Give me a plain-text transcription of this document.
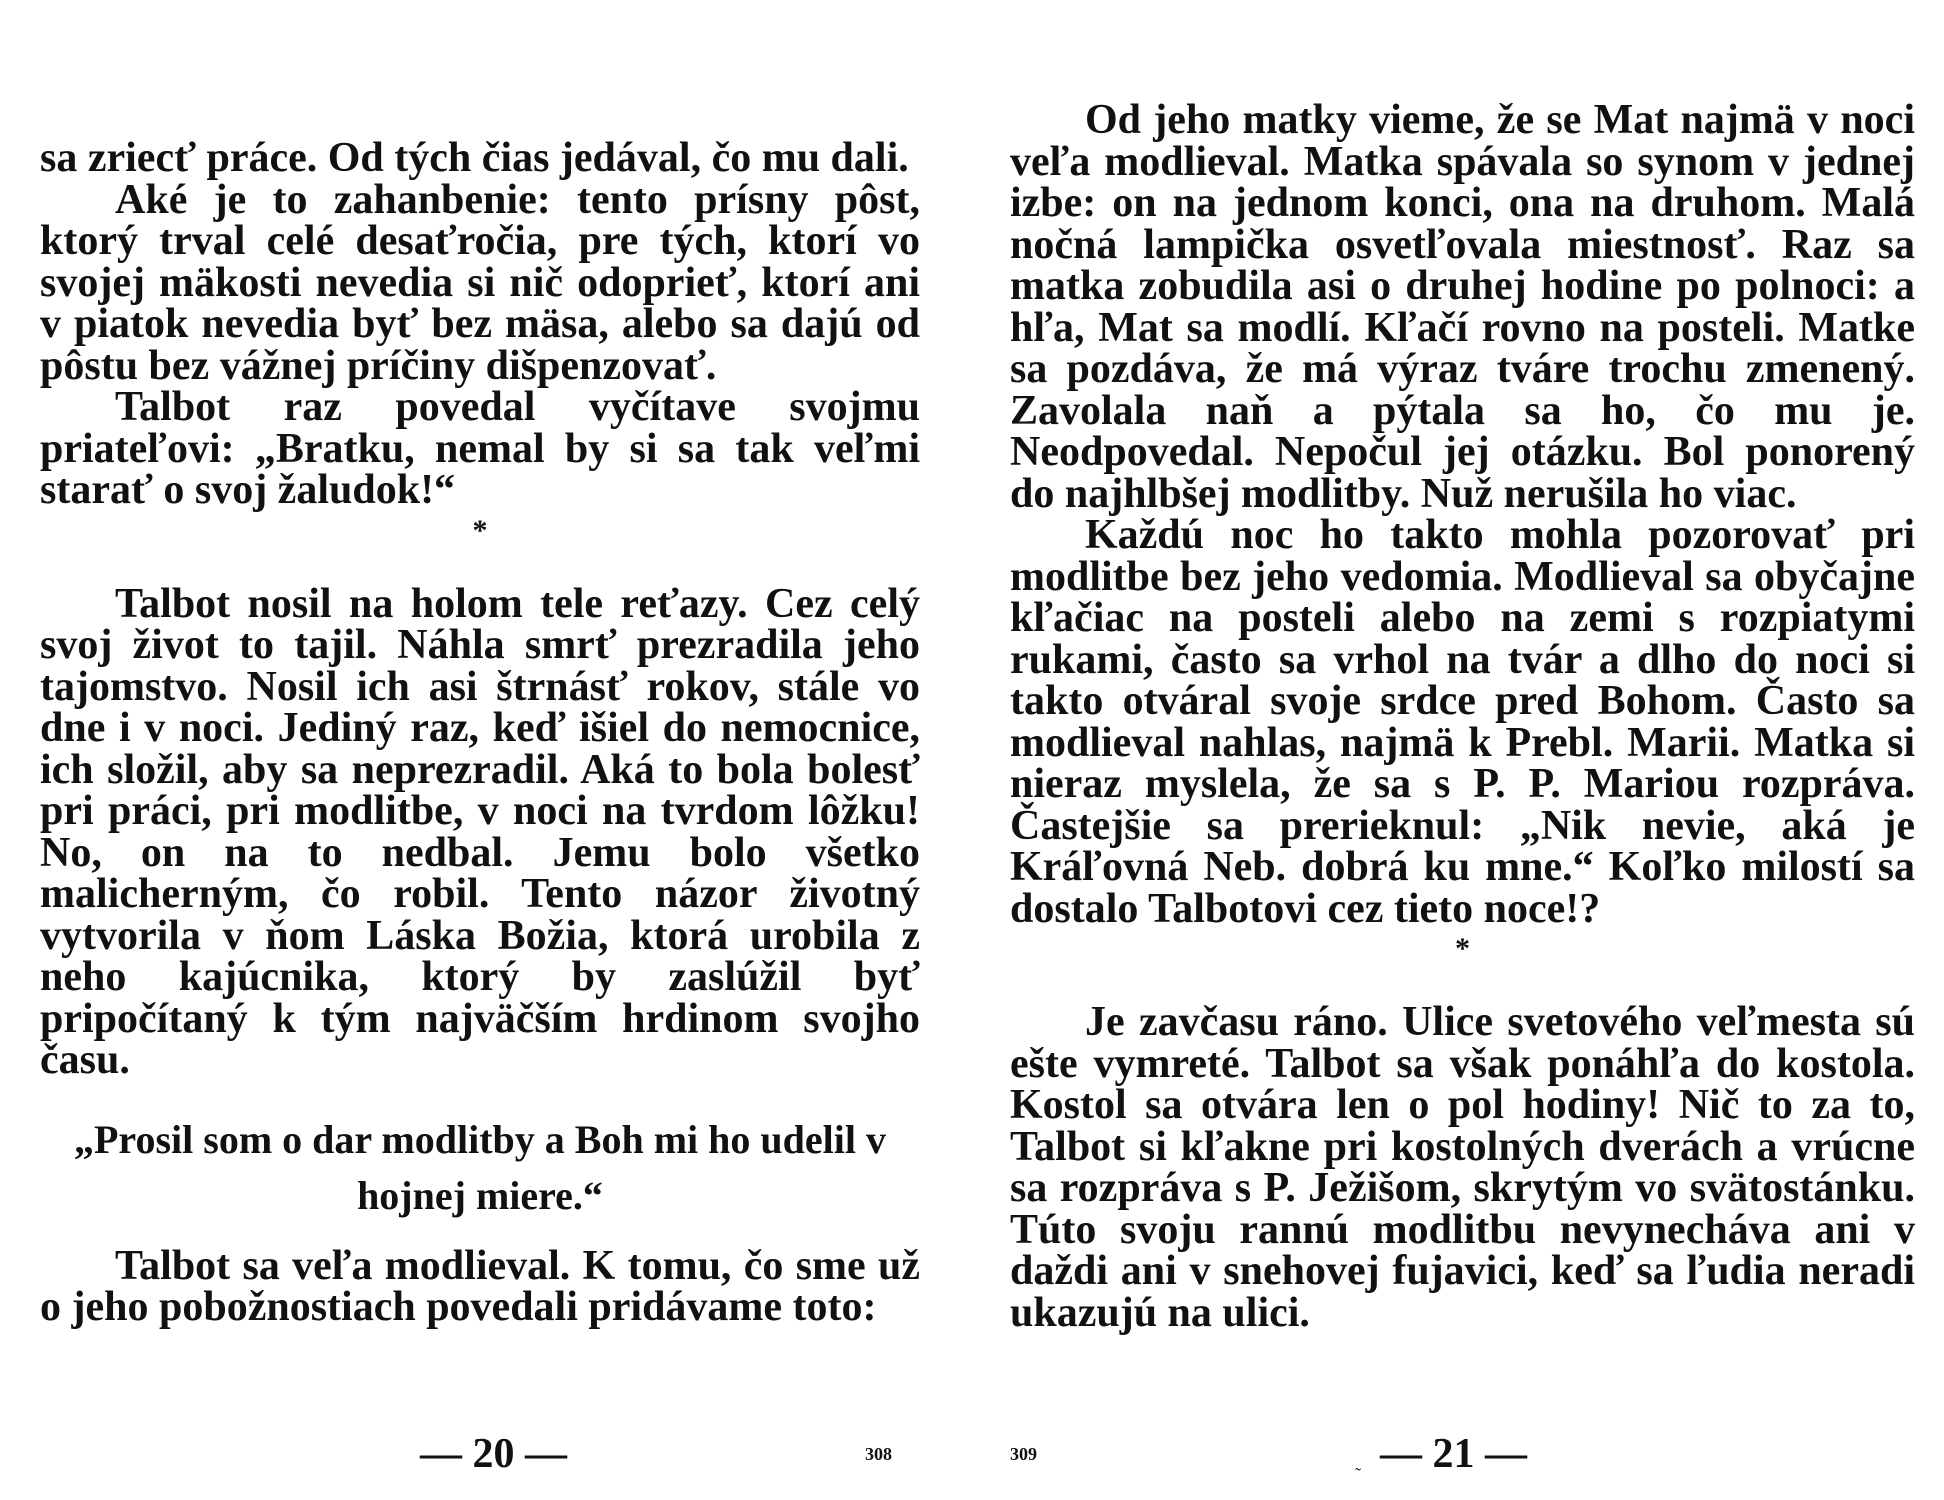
sa zriecť práce. Od tých čias jedával, čo mu dali.

Aké je to zahanbenie: tento prísny pôst, ktorý trval celé desaťročia, pre tých, ktorí vo svojej mäkosti nevedia si nič odoprieť, ktorí ani v piatok nevedia byť bez mäsa, alebo sa dajú od pôstu bez vážnej príčiny dišpenzovať.

Talbot raz povedal vyčítave svojmu priateľovi: „Bratku, nemal by si sa tak veľmi starať o svoj žaludok!“

*

Talbot nosil na holom tele reťazy. Cez celý svoj život to tajil. Náhla smrť prezradila jeho tajomstvo. Nosil ich asi štrnásť rokov, stále vo dne i v noci. Jediný raz, keď išiel do nemocnice, ich složil, aby sa neprezradil. Aká to bola bolesť pri práci, pri modlitbe, v noci na tvrdom lôžku! No, on na to nedbal. Jemu bolo všetko malicherným, čo robil. Tento názor životný vytvorila v ňom Láska Božia, ktorá urobila z neho kajúcnika, ktorý by zaslúžil byť pripočítaný k tým najväčším hrdinom svojho času.

„Prosil som o dar modlitby a Boh mi ho udelil v hojnej miere.“

Talbot sa veľa modlieval. K tomu, čo sme už o jeho pobožnostiach povedali pridávame toto:

— 20 —	308

Od jeho matky vieme, že se Mat najmä v noci veľa modlieval. Matka spávala so synom v jednej izbe: on na jednom konci, ona na druhom. Malá nočná lampička osvetľovala miestnosť. Raz sa matka zobudila asi o druhej hodine po polnoci: a hľa, Mat sa modlí. Kľačí rovno na posteli. Matke sa pozdáva, že má výraz tváre trochu zmenený. Zavolala naň a pýtala sa ho, čo mu je. Neodpovedal. Nepočul jej otázku. Bol ponorený do najhlbšej modlitby. Nuž nerušila ho viac.

Každú noc ho takto mohla pozorovať pri modlitbe bez jeho vedomia. Modlieval sa obyčajne kľačiac na posteli alebo na zemi s rozpiatymi rukami, často sa vrhol na tvár a dlho do noci si takto otváral svoje srdce pred Bohom. Často sa modlieval nahlas, najmä k Prebl. Marii. Matka si nieraz myslela, že sa s P. P. Mariou rozpráva. Častejšie sa prerieknul: „Nik nevie, aká je Kráľovná Neb. dobrá ku mne.“ Koľko milostí sa dostalo Talbotovi cez tieto noce!?

*

Je zavčasu ráno. Ulice svetového veľmesta sú ešte vymreté. Talbot sa však ponáhľa do kostola. Kostol sa otvára len o pol hodiny! Nič to za to, Talbot si kľakne pri kostolných dverách a vrúcne sa rozpráva s P. Ježišom, skrytým vo svätostánku. Túto svoju rannú modlitbu nevynecháva ani v daždi ani v snehovej fujavici, keď sa ľudia neradi ukazujú na ulici.

309	˷ — 21 —
